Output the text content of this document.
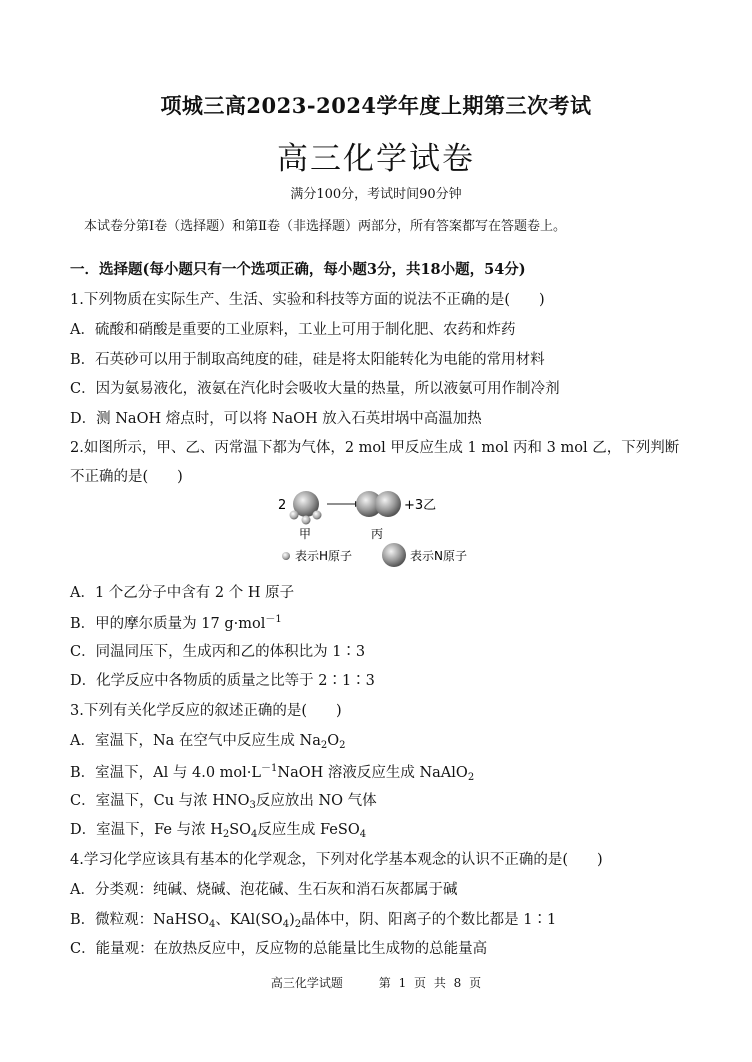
项城三高2023-2024学年度上期第三次考试
高三化学试卷
满分100分，考试时间90分钟
本试卷分第Ⅰ卷（选择题）和第Ⅱ卷（非选择题）两部分，所有答案都写在答题卷上。
一．选择题(每小题只有一个选项正确，每小题3分，共18小题，54分)
1.下列物质在实际生产、生活、实验和科技等方面的说法不正确的是(　　)
A．硫酸和硝酸是重要的工业原料，工业上可用于制化肥、农药和炸药
B．石英砂可以用于制取高纯度的硅，硅是将太阳能转化为电能的常用材料
C．因为氨易液化，液氨在汽化时会吸收大量的热量，所以液氨可用作制冷剂
D．测 NaOH 熔点时，可以将 NaOH 放入石英坩埚中高温加热
2.如图所示，甲、乙、丙常温下都为气体，2 mol 甲反应生成 1 mol 丙和 3 mol 乙，下列判断
不正确的是(　　)
2	+3乙
甲	丙
表示H原子	表示N原子
A．1 个乙分子中含有 2 个 H 原子
B．甲的摩尔质量为 17 g·mol$^{-1}$
C．同温同压下，生成丙和乙的体积比为 1∶3
D．化学反应中各物质的质量之比等于 2∶1∶3
3.下列有关化学反应的叙述正确的是(　　)
A．室温下，Na 在空气中反应生成 $Na_2O_2$
B．室温下，Al 与 4.0 $mol\cdot L^{-1}NaOH$ 溶液反应生成 NaAlO$_2$
C．室温下，Cu 与浓 $HNO_3$反应放出 NO 气体
D．室温下，Fe 与浓 $H_2SO_4$反应生成 FeSO$_4$
4.学习化学应该具有基本的化学观念，下列对化学基本观念的认识不正确的是(　　)
A．分类观：纯碱、烧碱、泡花碱、生石灰和消石灰都属于碱
B．微粒观：NaHSO$_4$、$KAl(SO_4)_2$晶体中，阴、阳离子的个数比都是 1∶1
C．能量观：在放热反应中，反应物的总能量比生成物的总能量高
高三化学试题	第 1 页 共 8 页
